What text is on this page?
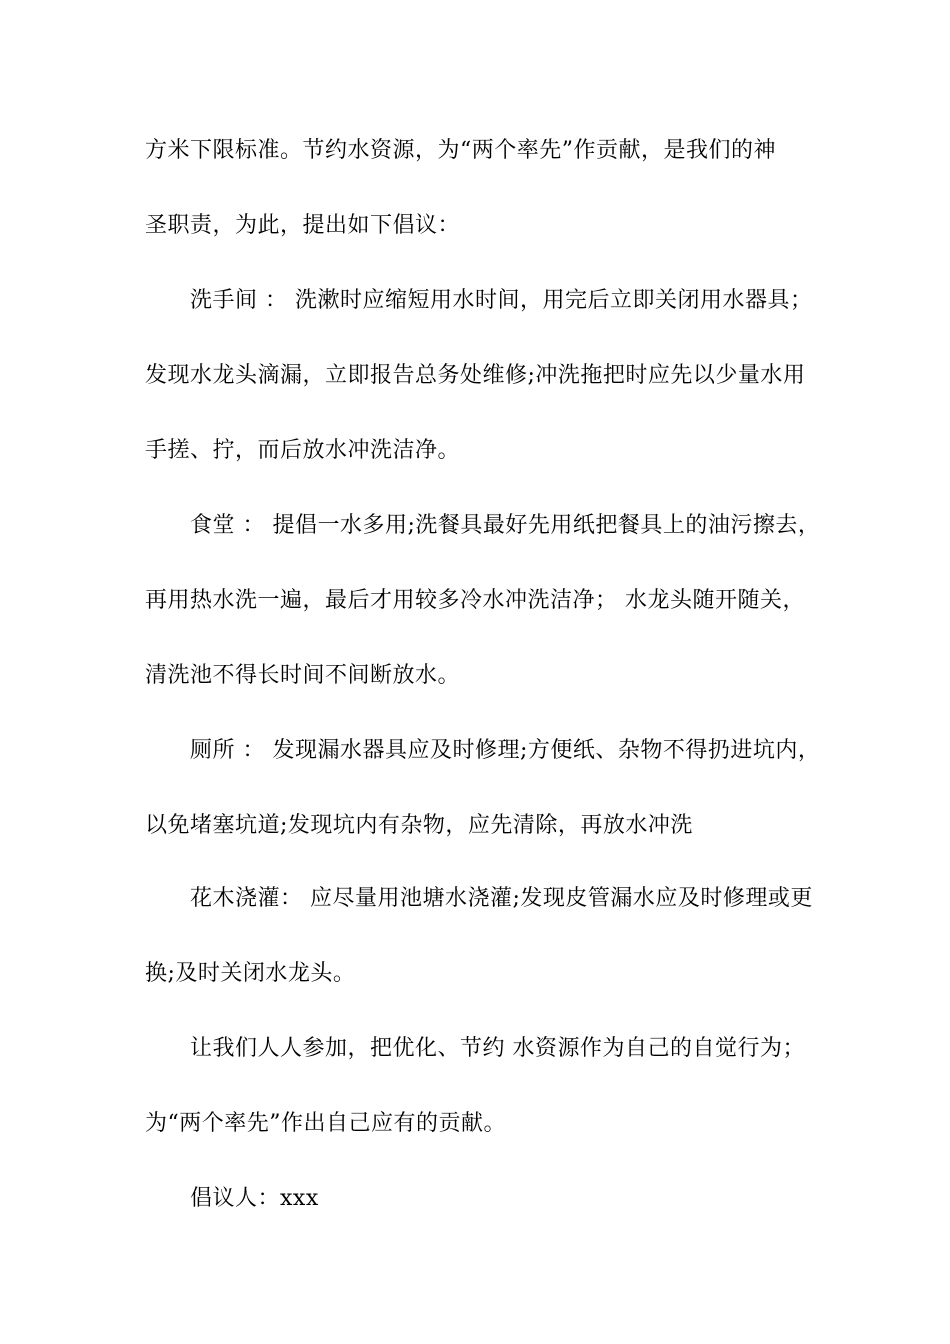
方米下限标准。节约水资源，为“两个率先”作贡献，是我们的神
圣职责，为此，提出如下倡议：
洗手间 ： 洗漱时应缩短用水时间，用完后立即关闭用水器具；
发现水龙头滴漏，立即报告总务处维修;冲洗拖把时应先以少量水用
手搓、拧，而后放水冲洗洁净。
食堂 ： 提倡一水多用;洗餐具最好先用纸把餐具上的油污擦去，
再用热水洗一遍，最后才用较多冷水冲洗洁净； 水龙头随开随关，
清洗池不得长时间不间断放水。
厕所 ： 发现漏水器具应及时修理;方便纸、杂物不得扔进坑内，
以免堵塞坑道;发现坑内有杂物，应先清除，再放水冲洗
花木浇灌： 应尽量用池塘水浇灌;发现皮管漏水应及时修理或更
换;及时关闭水龙头。
让我们人人参加，把优化、节约 水资源作为自己的自觉行为；
为“两个率先”作出自己应有的贡献。
倡议人：xxx
